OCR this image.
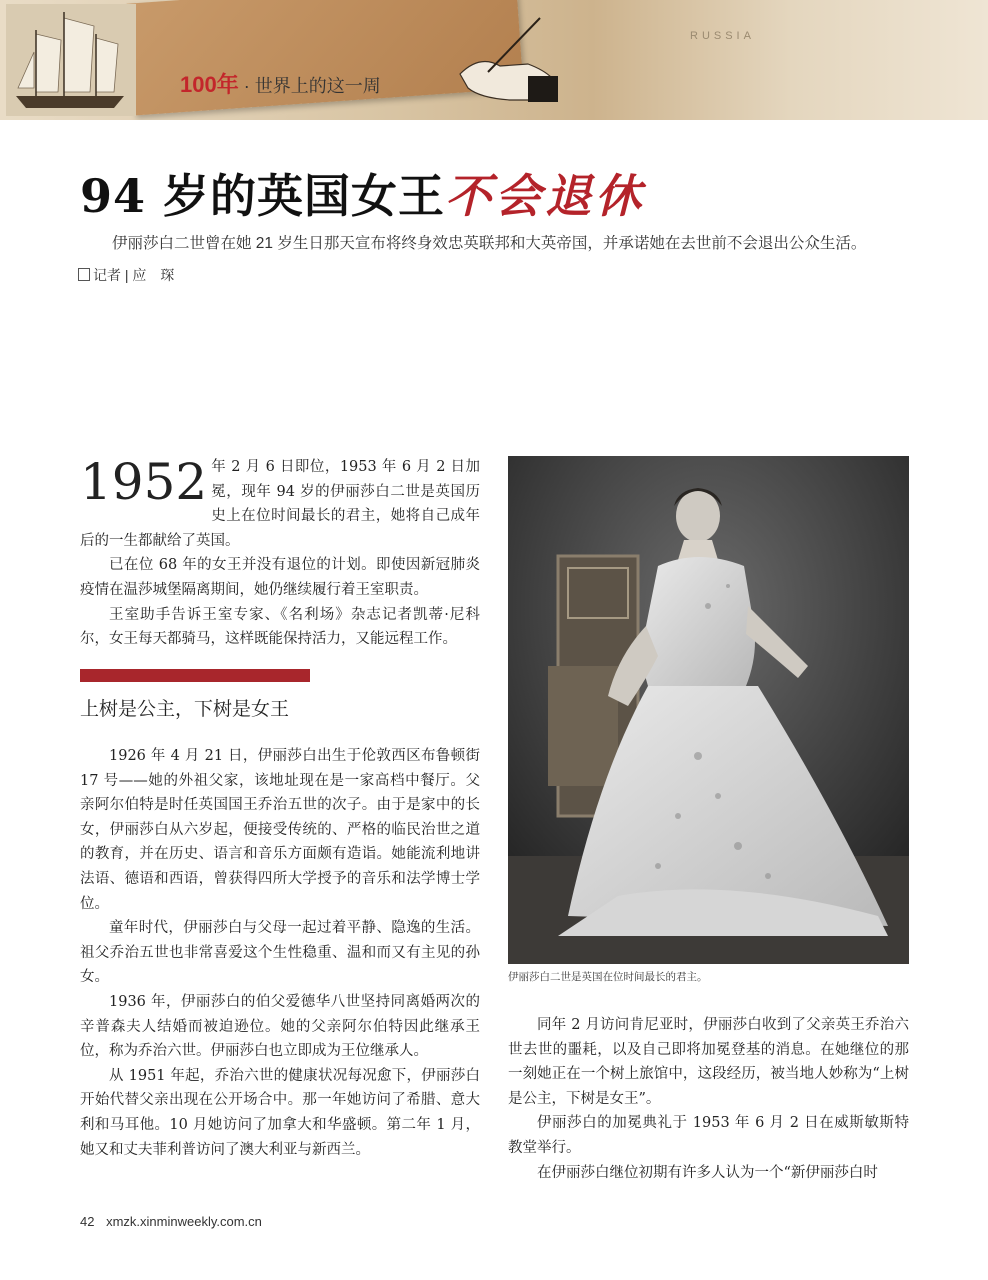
RUSSIA
100年 · 世界上的这一周
94 岁的英国女王不会退休
伊丽莎白二世曾在她 21 岁生日那天宣布将终身效忠英联邦和大英帝国，并承诺她在去世前不会退出公众生活。
记者 | 应　琛

1952 年 2 月 6 日即位，1953 年 6 月 2 日加冕，现年 94 岁的伊丽莎白二世是英国历史上在位时间最长的君主，她将自己成年后的一生都献给了英国。

已在位 68 年的女王并没有退位的计划。即使因新冠肺炎疫情在温莎城堡隔离期间，她仍继续履行着王室职责。

王室助手告诉王室专家、《名利场》杂志记者凯蒂·尼科尔，女王每天都骑马，这样既能保持活力，又能远程工作。

上树是公主，下树是女王

1926 年 4 月 21 日，伊丽莎白出生于伦敦西区布鲁顿街 17 号——她的外祖父家，该地址现在是一家高档中餐厅。父亲阿尔伯特是时任英国国王乔治五世的次子。由于是家中的长女，伊丽莎白从六岁起，便接受传统的、严格的临民治世之道的教育，并在历史、语言和音乐方面颇有造诣。她能流利地讲法语、德语和西语，曾获得四所大学授予的音乐和法学博士学位。

童年时代，伊丽莎白与父母一起过着平静、隐逸的生活。祖父乔治五世也非常喜爱这个生性稳重、温和而又有主见的孙女。

1936 年，伊丽莎白的伯父爱德华八世坚持同离婚两次的辛普森夫人结婚而被迫逊位。她的父亲阿尔伯特因此继承王位，称为乔治六世。伊丽莎白也立即成为王位继承人。

从 1951 年起，乔治六世的健康状况每况愈下，伊丽莎白开始代替父亲出现在公开场合中。那一年她访问了希腊、意大利和马耳他。10 月她访问了加拿大和华盛顿。第二年 1 月，她又和丈夫菲利普访问了澳大利亚与新西兰。

伊丽莎白二世是英国在位时间最长的君主。

同年 2 月访问肯尼亚时，伊丽莎白收到了父亲英王乔治六世去世的噩耗，以及自己即将加冕登基的消息。在她继位的那一刻她正在一个树上旅馆中，这段经历，被当地人妙称为“上树是公主，下树是女王”。

伊丽莎白的加冕典礼于 1953 年 6 月 2 日在威斯敏斯特教堂举行。

在伊丽莎白继位初期有许多人认为一个“新伊丽莎白时

42 xmzk.xinminweekly.com.cn
